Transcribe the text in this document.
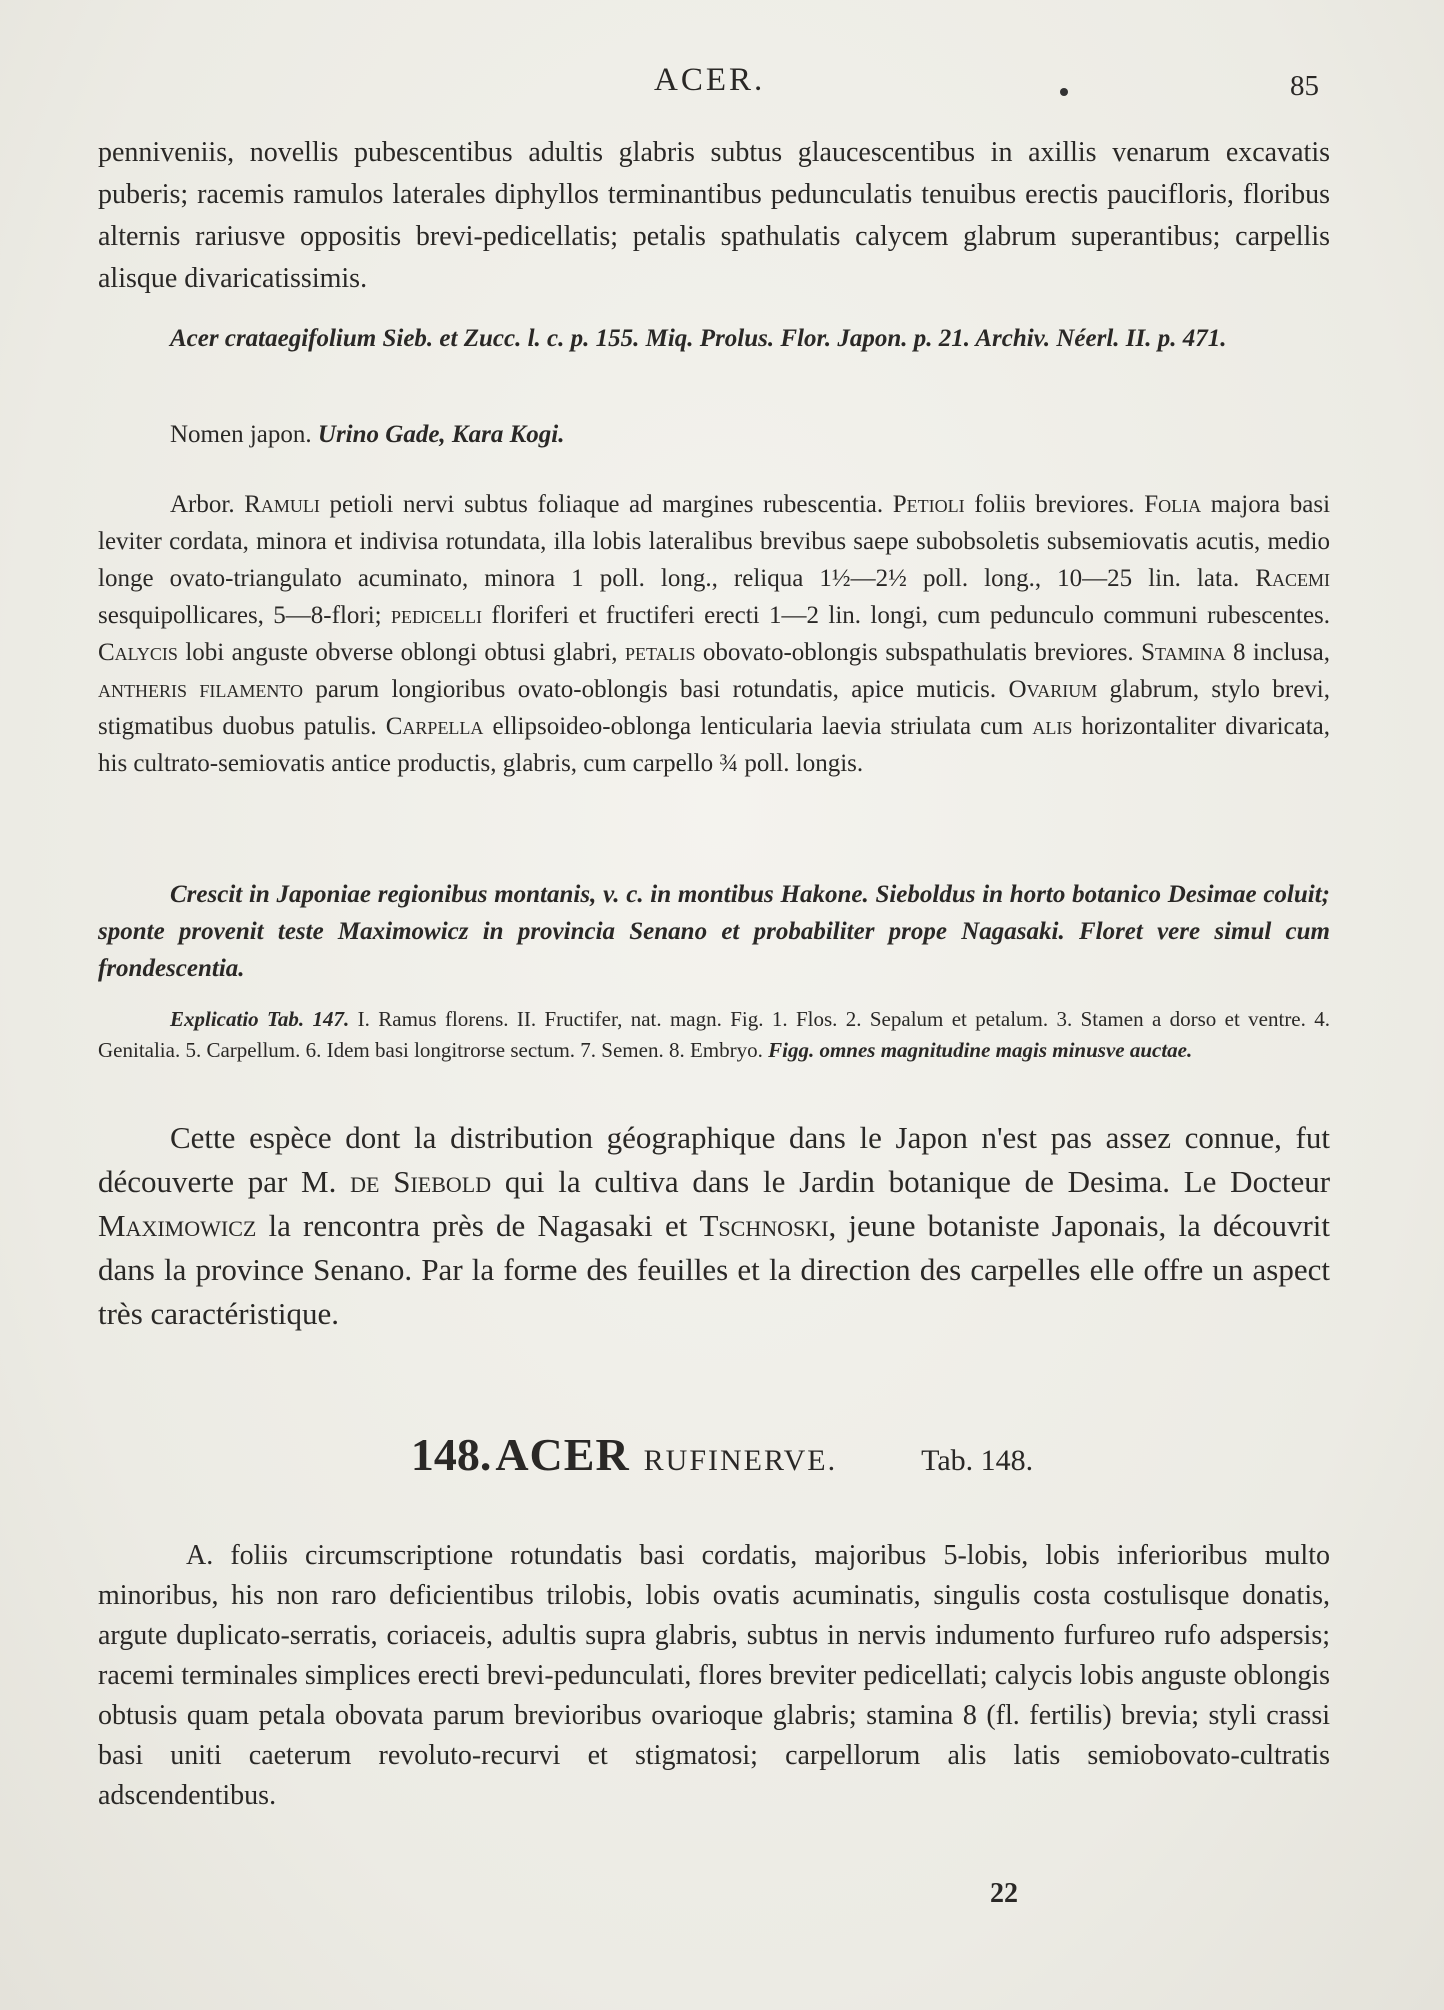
ACER.	85

penniveniis, novellis pubescentibus adultis glabris subtus glaucescentibus in axillis venarum excavatis puberis; racemis ramulos laterales diphyllos terminantibus pedunculatis tenuibus erectis paucifloris, floribus alternis rariusve oppositis brevi-pedicellatis; petalis spathulatis calycem glabrum superantibus; carpellis alisque divaricatissimis.

Acer crataegifolium Sieb. et Zucc. l. c. p. 155. Miq. Prolus. Flor. Japon. p. 21. Archiv. Néerl. II. p. 471.

Nomen japon. Urino Gade, Kara Kogi.

Arbor. Ramuli petioli nervi subtus foliaque ad margines rubescentia. Petioli foliis breviores. Folia majora basi leviter cordata, minora et indivisa rotundata, illa lobis lateralibus brevibus saepe subobsoletis subsemiovatis acutis, medio longe ovato-triangulato acuminato, minora 1 poll. long., reliqua 1½—2½ poll. long., 10—25 lin. lata. Racemi sesquipollicares, 5—8-flori; pedicelli floriferi et fructiferi erecti 1—2 lin. longi, cum pedunculo communi rubescentes. Calycis lobi anguste obverse oblongi obtusi glabri, petalis obovato-oblongis subspathulatis breviores. Stamina 8 inclusa, antheris filamento parum longioribus ovato-oblongis basi rotundatis, apice muticis. Ovarium glabrum, stylo brevi, stigmatibus duobus patulis. Carpella ellipsoideo-oblonga lenticularia laevia striulata cum alis horizontaliter divaricata, his cultrato-semiovatis antice productis, glabris, cum carpello ¾ poll. longis.

Crescit in Japoniae regionibus montanis, v. c. in montibus Hakone. Sieboldus in horto botanico Desimae coluit; sponte provenit teste Maximowicz in provincia Senano et probabiliter prope Nagasaki. Floret vere simul cum frondescentia.

Explicatio Tab. 147. I. Ramus florens. II. Fructifer, nat. magn. Fig. 1. Flos. 2. Sepalum et petalum. 3. Stamen a dorso et ventre. 4. Genitalia. 5. Carpellum. 6. Idem basi longitrorse sectum. 7. Semen. 8. Embryo. Figg. omnes magnitudine magis minusve auctae.

Cette espèce dont la distribution géographique dans le Japon n'est pas assez connue, fut découverte par M. de Siebold qui la cultiva dans le Jardin botanique de Desima. Le Docteur Maximowicz la rencontra près de Nagasaki et Tschnoski, jeune botaniste Japonais, la découvrit dans la province Senano. Par la forme des feuilles et la direction des carpelles elle offre un aspect très caractéristique.

148. ACER RUFINERVE.	Tab. 148.

A. foliis circumscriptione rotundatis basi cordatis, majoribus 5-lobis, lobis inferioribus multo minoribus, his non raro deficientibus trilobis, lobis ovatis acuminatis, singulis costa costulisque donatis, argute duplicato-serratis, coriaceis, adultis supra glabris, subtus in nervis indumento furfureo rufo adspersis; racemi terminales simplices erecti brevi-pedunculati, flores breviter pedicellati; calycis lobis anguste oblongis obtusis quam petala obovata parum brevioribus ovarioque glabris; stamina 8 (fl. fertilis) brevia; styli crassi basi uniti caeterum revoluto-recurvi et stigmatosi; carpellorum alis latis semiobovato-cultratis adscendentibus.

22
